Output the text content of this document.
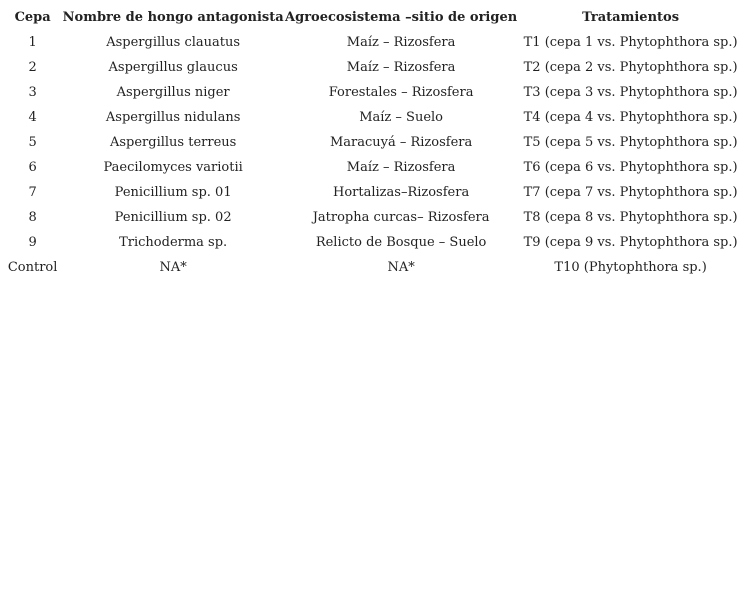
Cepa	Nombre de hongo antagonista	Agroecosistema –sitio de origen	Tratamientos
1	Aspergillus clauatus	Maíz – Rizosfera	T1 (cepa 1 vs. Phytophthora sp.)
2	Aspergillus glaucus	Maíz – Rizosfera	T2 (cepa 2 vs. Phytophthora sp.)
3	Aspergillus niger	Forestales – Rizosfera	T3 (cepa 3 vs. Phytophthora sp.)
4	Aspergillus nidulans	Maíz – Suelo	T4 (cepa 4 vs. Phytophthora sp.)
5	Aspergillus terreus	Maracuyá – Rizosfera	T5 (cepa 5 vs. Phytophthora sp.)
6	Paecilomyces variotii	Maíz – Rizosfera	T6 (cepa 6 vs. Phytophthora sp.)
7	Penicillium sp. 01	Hortalizas–Rizosfera	T7 (cepa 7 vs. Phytophthora sp.)
8	Penicillium sp. 02	Jatropha curcas– Rizosfera	T8 (cepa 8 vs. Phytophthora sp.)
9	Trichoderma sp.	Relicto de Bosque – Suelo	T9 (cepa 9 vs. Phytophthora sp.)
Control	NA*	NA*	T10 (Phytophthora sp.)
